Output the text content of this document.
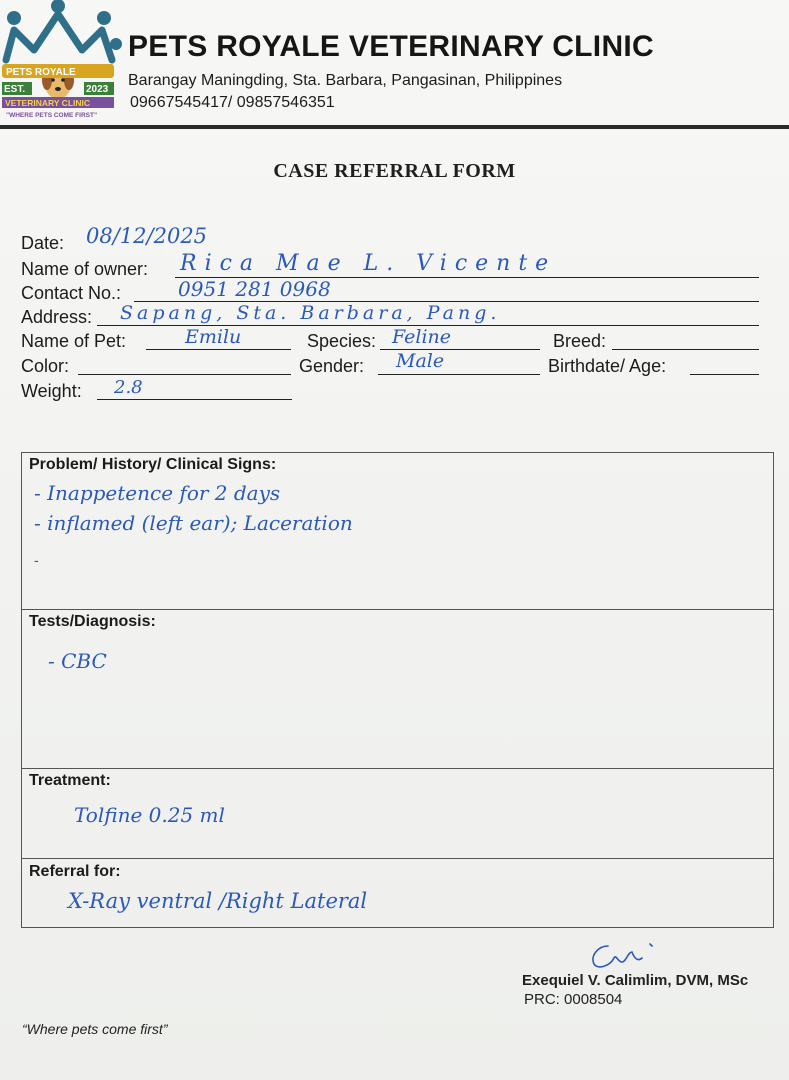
PETS ROYALE
EST.	2023
VETERINARY CLINIC
"WHERE PETS COME FIRST"
PETS ROYALE VETERINARY CLINIC
Barangay Maningding, Sta. Barbara, Pangasinan, Philippines
09667545417/ 09857546351
CASE REFERRAL FORM
Date: 08/12/2025
Name of owner: Rica Mae L. Vicente
Contact No.:	0951 281 0968
Address: Sapang, Sta. Barbara, Pang.
Name of Pet:	Emilu	Species: Feline	Breed:
Color:	Gender: Male	Birthdate/ Age:
Weight: 2.8
Problem/ History/ Clinical Signs:
- Inappetence for 2 days
- inflamed (left ear); Laceration
-
Tests/Diagnosis:
- CBC
Treatment:
Tolfine 0.25 ml
Referral for:
X-Ray ventral /Right Lateral
Exequiel V. Calimlim, DVM, MSc
PRC: 0008504
“Where pets come first”
